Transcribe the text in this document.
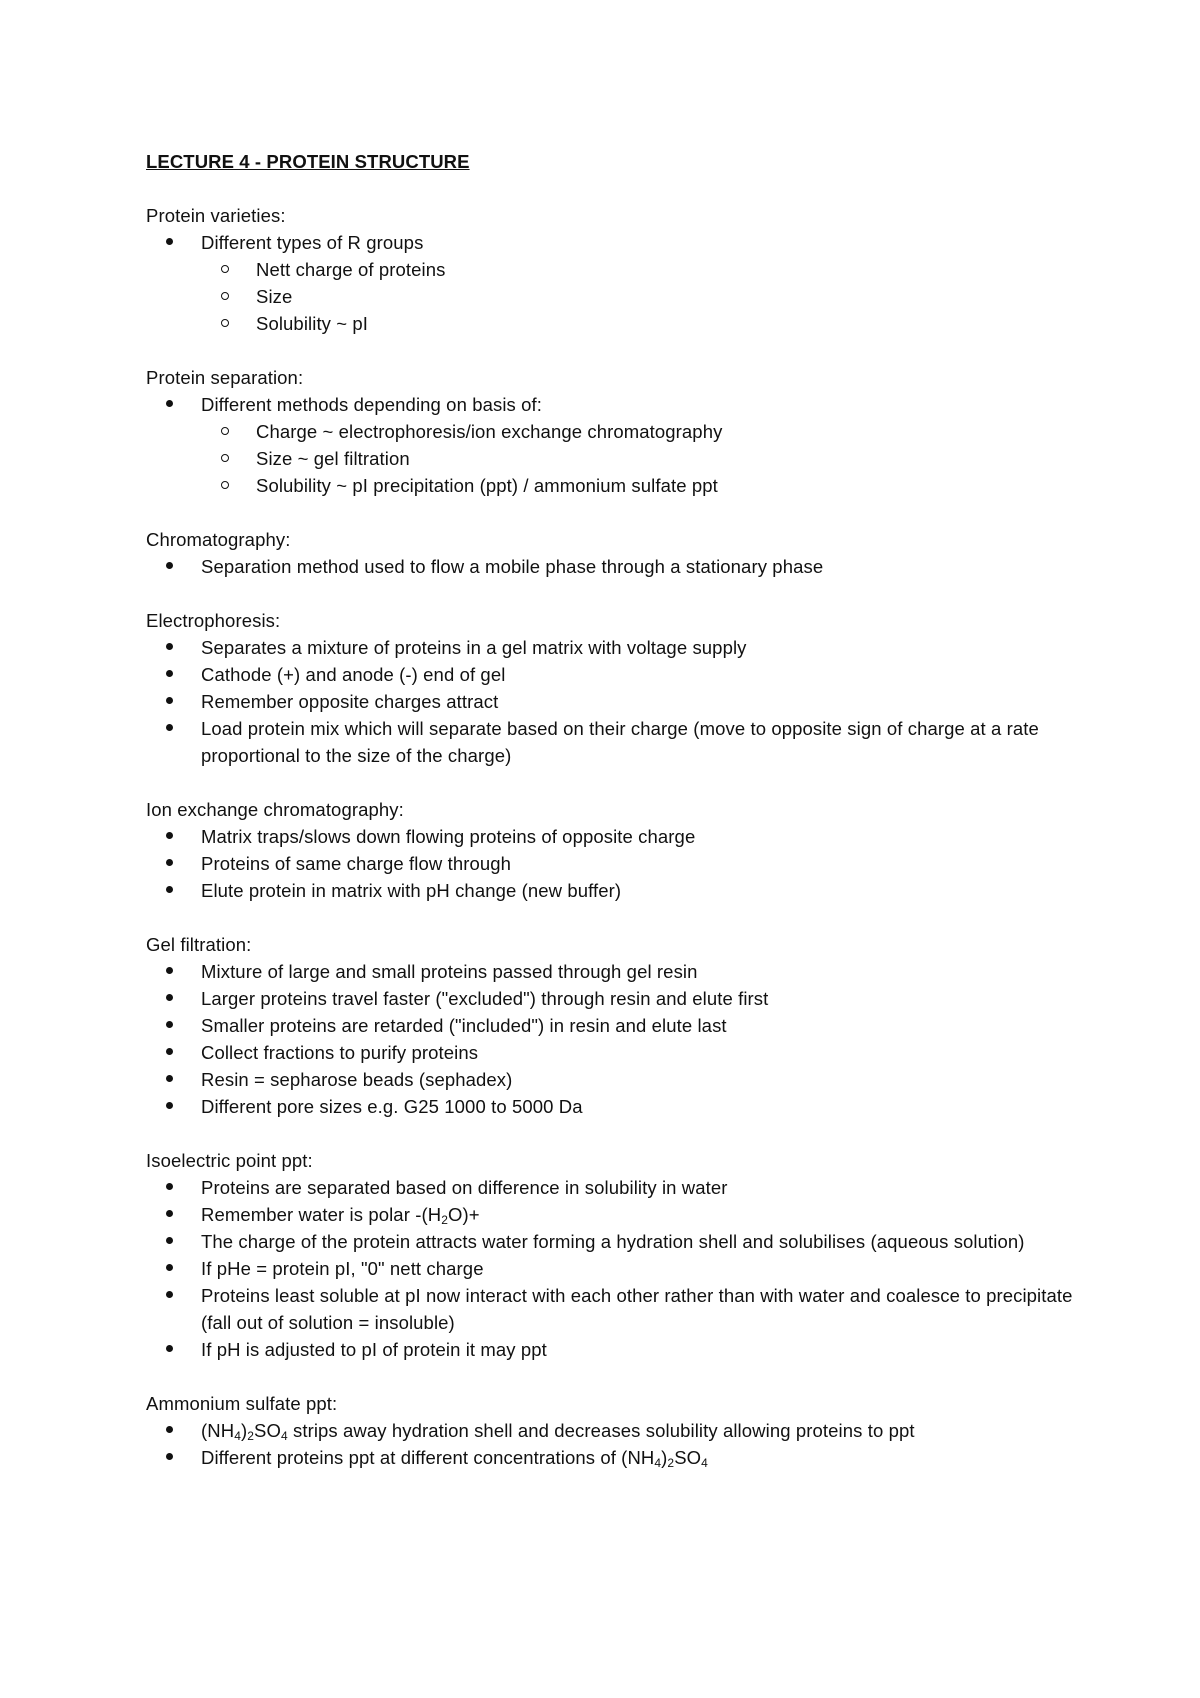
LECTURE 4 - PROTEIN STRUCTURE

Protein varieties:

Different types of R groups
Nett charge of proteins
Size
Solubility ~ pI

Protein separation:

Different methods depending on basis of:
Charge ~ electrophoresis/ion exchange chromatography
Size ~ gel filtration
Solubility ~ pI precipitation (ppt) / ammonium sulfate ppt

Chromatography:

Separation method used to flow a mobile phase through a stationary phase

Electrophoresis:

Separates a mixture of proteins in a gel matrix with voltage supply
Cathode (+) and anode (-) end of gel
Remember opposite charges attract
Load protein mix which will separate based on their charge (move to opposite sign of charge at a rate proportional to the size of the charge)

Ion exchange chromatography:

Matrix traps/slows down flowing proteins of opposite charge
Proteins of same charge flow through
Elute protein in matrix with pH change (new buffer)

Gel filtration:

Mixture of large and small proteins passed through gel resin
Larger proteins travel faster ("excluded") through resin and elute first
Smaller proteins are retarded ("included") in resin and elute last
Collect fractions to purify proteins
Resin = sepharose beads (sephadex)
Different pore sizes e.g. G25 1000 to 5000 Da

Isoelectric point ppt:

Proteins are separated based on difference in solubility in water
Remember water is polar $-(H_2O)+$
The charge of the protein attracts water forming a hydration shell and solubilises (aqueous solution)
If pHe = protein pI, "0" nett charge
Proteins least soluble at pI now interact with each other rather than with water and coalesce to precipitate (fall out of solution = insoluble)
If pH is adjusted to pI of protein it may ppt

Ammonium sulfate ppt:

$(NH_4)_2SO_4$ strips away hydration shell and decreases solubility allowing proteins to ppt
Different proteins ppt at different concentrations of $(NH_4)_2SO_4$
